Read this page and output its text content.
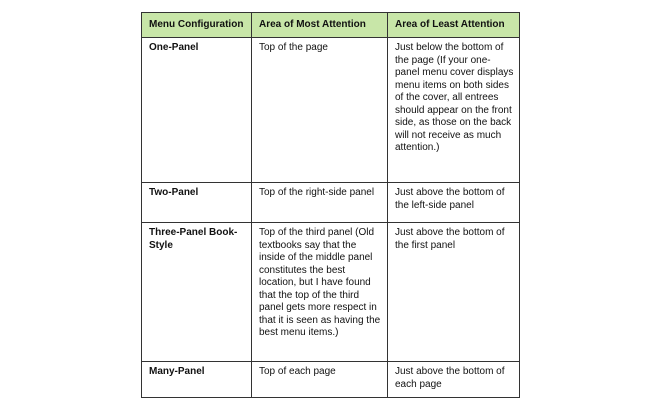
Menu Configuration	Area of Most Attention	Area of Least Attention
One-Panel	Top of the page	Just below the bottom of the page (If your one-panel menu cover displays menu items on both sides of the cover, all entrees should appear on the front side, as those on the back will not receive as much attention.)
Two-Panel	Top of the right-side panel	Just above the bottom of the left-side panel
Three-Panel Book-Style	Top of the third panel (Old textbooks say that the inside of the middle panel constitutes the best location, but I have found that the top of the third panel gets more respect in that it is seen as having the best menu items.)	Just above the bottom of the first panel
Many-Panel	Top of each page	Just above the bottom of each page
